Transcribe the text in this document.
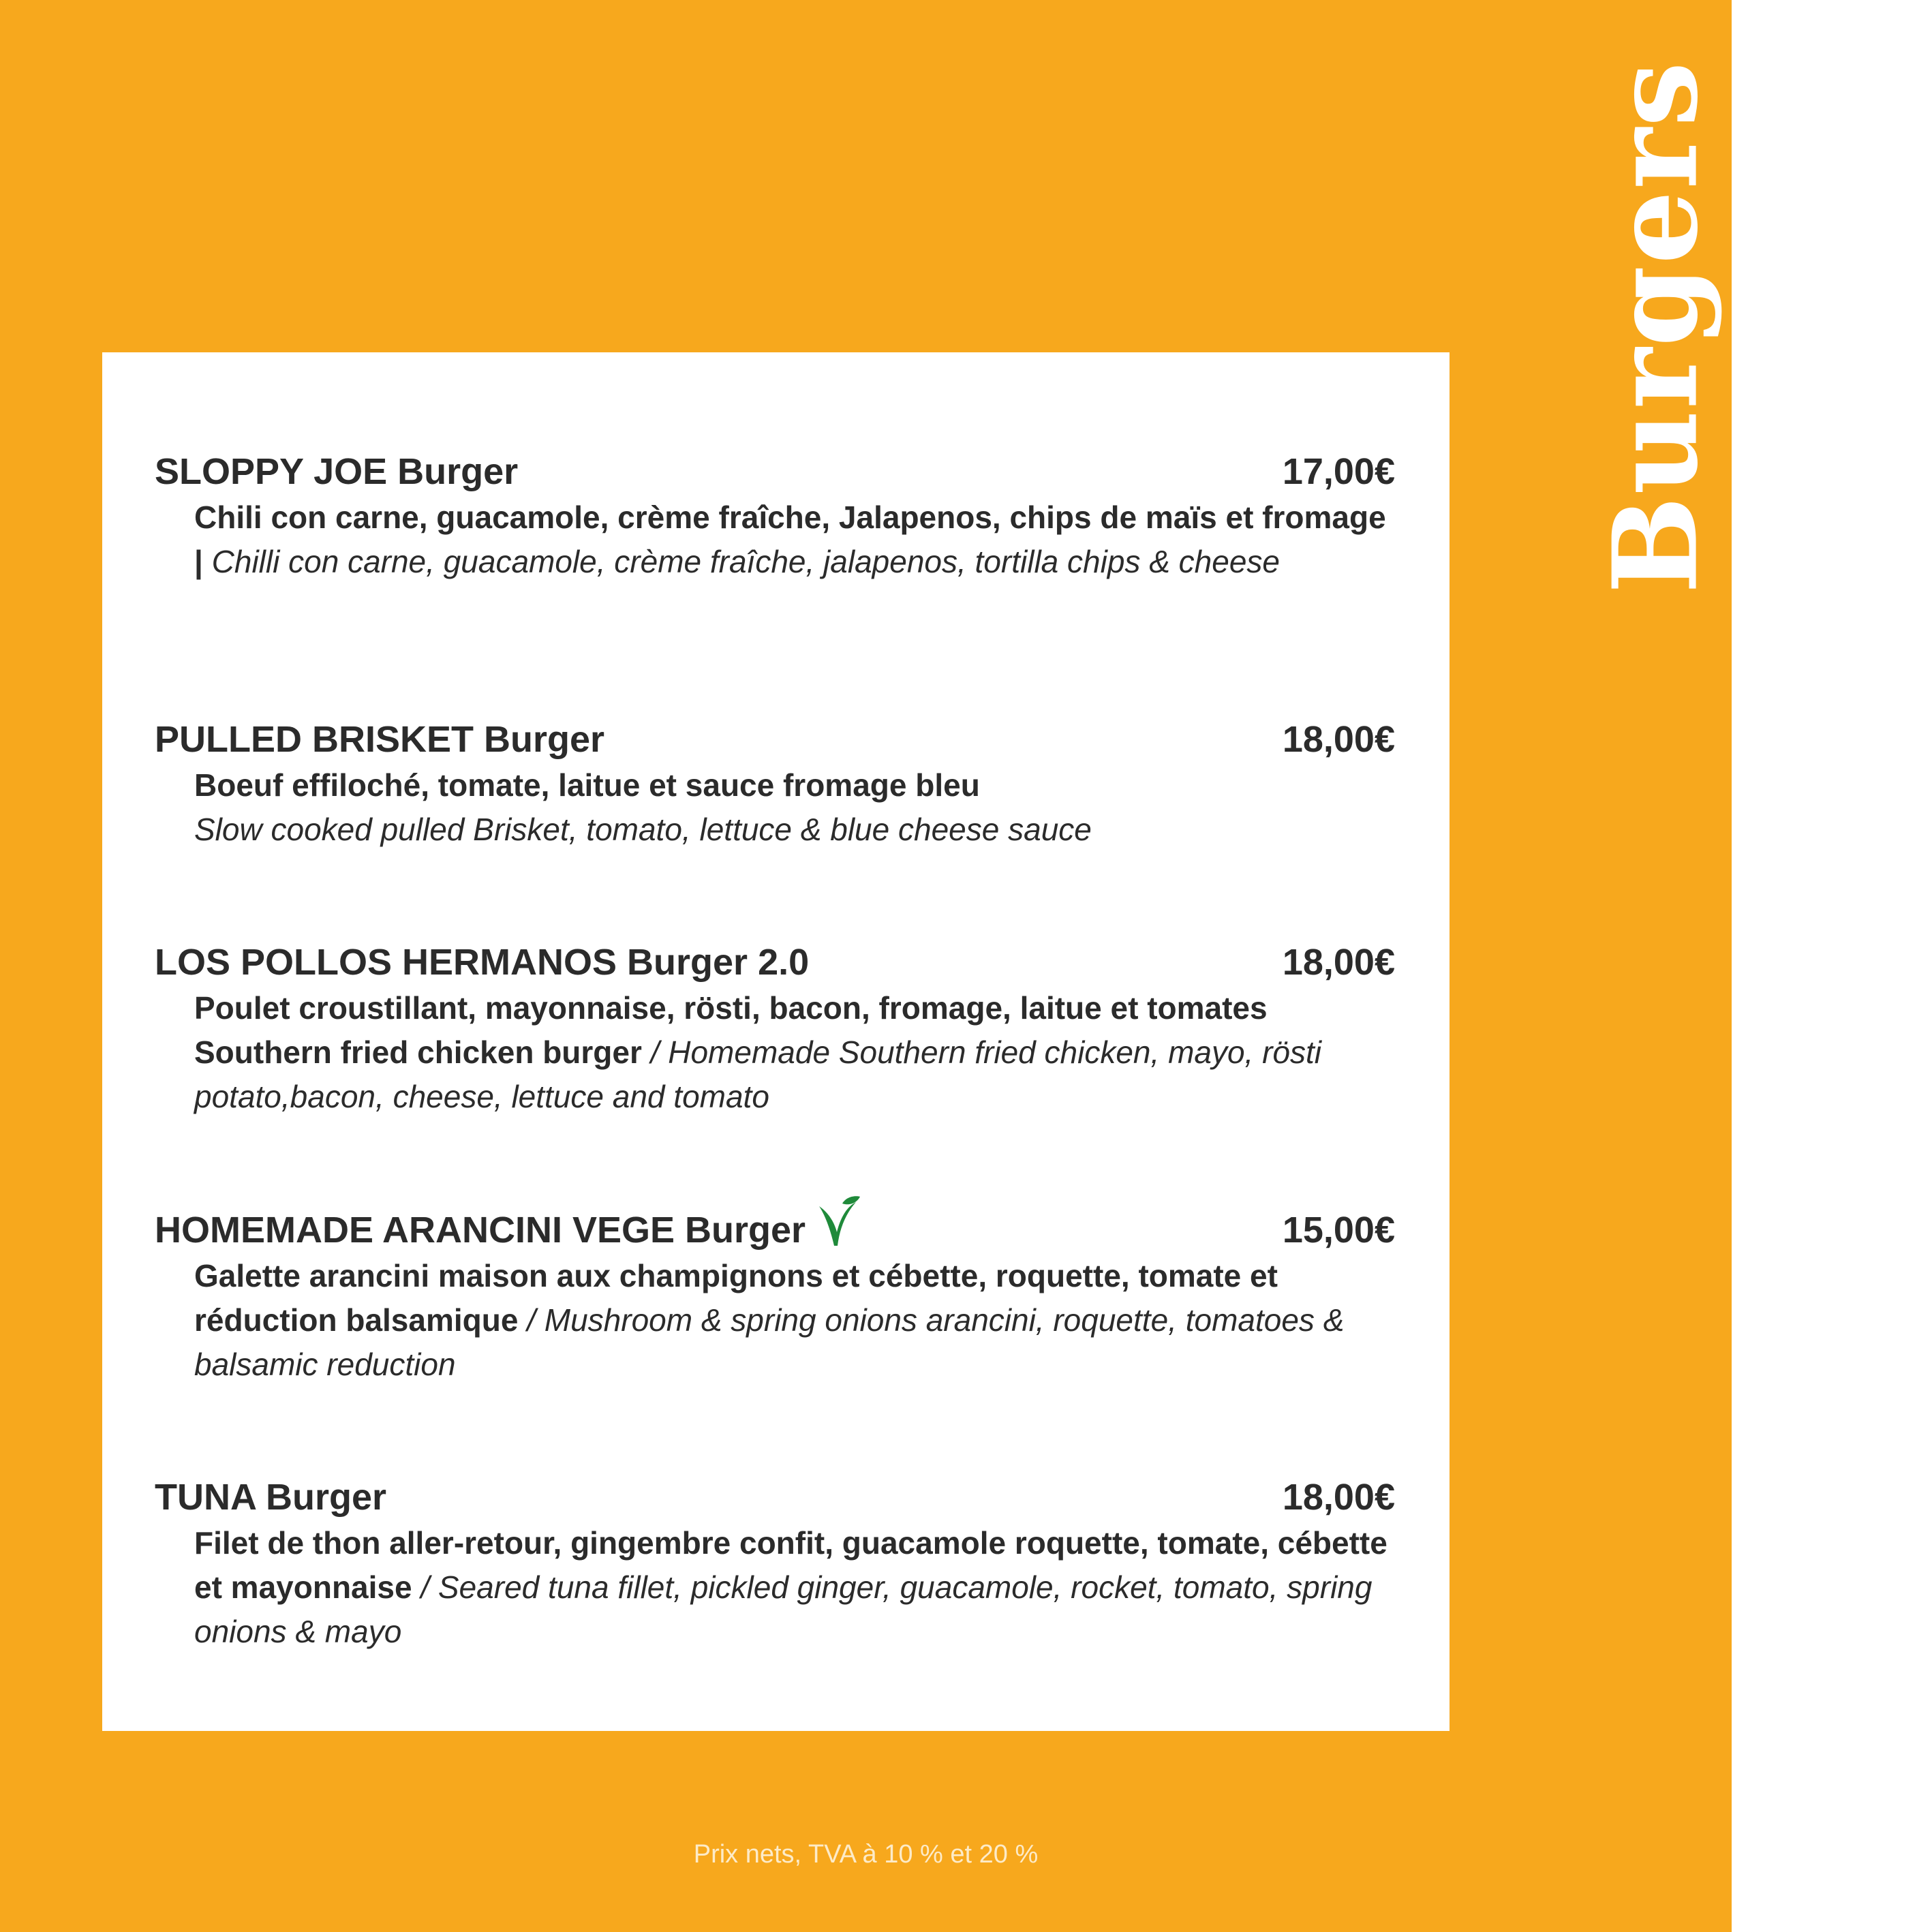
Burgers
SLOPPY JOE Burger	17,00€
Chili con carne, guacamole, crème fraîche, Jalapenos, chips de maïs et fromage | Chilli con carne, guacamole, crème fraîche, jalapenos, tortilla chips & cheese
PULLED BRISKET Burger	18,00€
Boeuf effiloché, tomate, laitue et sauce fromage bleu
Slow cooked pulled Brisket, tomato, lettuce & blue cheese sauce
LOS POLLOS HERMANOS Burger 2.0	18,00€
Poulet croustillant, mayonnaise, rösti, bacon, fromage, laitue et tomates
Southern fried chicken burger / Homemade Southern fried chicken, mayo, rösti potato,bacon, cheese, lettuce and tomato
HOMEMADE ARANCINI VEGE Burger	15,00€
Galette arancini maison aux champignons et cébette, roquette, tomate et réduction balsamique / Mushroom & spring onions arancini, roquette, tomatoes & balsamic reduction
TUNA Burger	18,00€
Filet de thon aller-retour, gingembre confit, guacamole roquette, tomate, cébette et mayonnaise / Seared tuna fillet, pickled ginger, guacamole, rocket, tomato, spring onions & mayo
Prix nets, TVA à 10 % et 20 %
